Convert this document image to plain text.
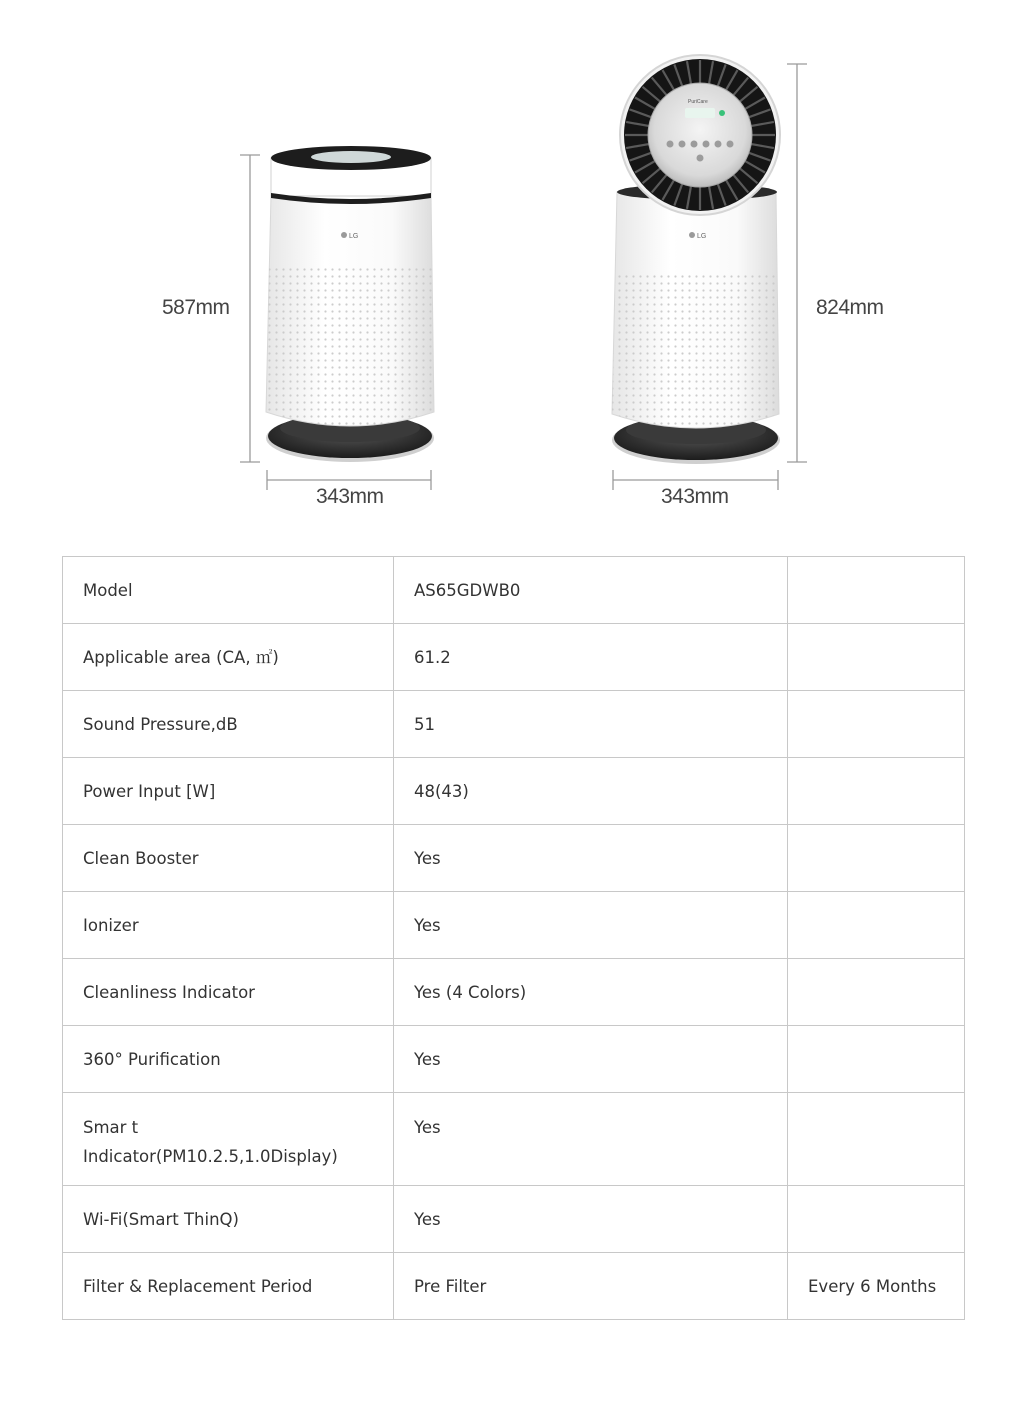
LG	LG
PuriCare
587mm
343mm	343mm
824mm
Model	AS65GDWB0	
Applicable area (CA, ㎡)	61.2	
Sound Pressure,dB	51	
Power Input [W]	48(43)	
Clean Booster	Yes	
Ionizer	Yes	
Cleanliness Indicator	Yes (4 Colors)	
360° Purification	Yes	

Smar t
Indicator(PM10.2.5,1.0Display)	Yes	
Wi-Fi(Smart ThinQ)	Yes	
Filter & Replacement Period	Pre Filter	Every 6 Months
